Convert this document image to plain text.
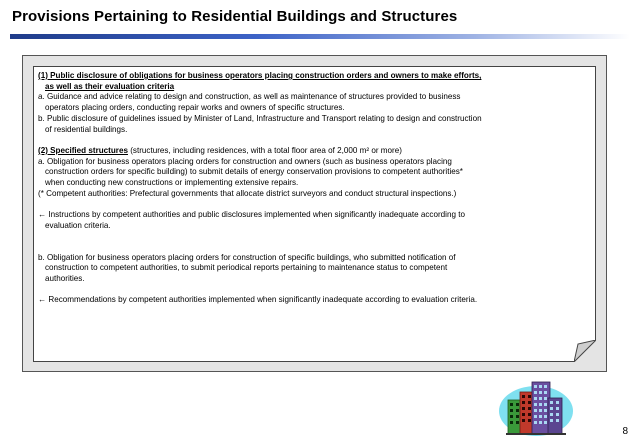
Provisions Pertaining to Residential Buildings and Structures

(1) Public disclosure of obligations for business operators placing construction orders and owners to make efforts,

as well as their evaluation criteria

a. Guidance and advice relating to design and construction, as well as maintenance of structures provided to business

operators placing orders, conducting repair works and owners of specific structures.

b. Public disclosure of guidelines issued by Minister of Land, Infrastructure and Transport relating to design and construction

of residential buildings.

(2) Specified structures (structures, including residences, with a total floor area of 2,000 m² or more)

a. Obligation for business operators placing orders for construction and owners (such as business operators placing

construction orders for specific building) to submit details of energy conservation provisions to competent authorities*

when conducting new constructions or implementing extensive repairs.

(* Competent authorities: Prefectural governments that allocate district surveyors and conduct structural inspections.)

← Instructions by competent authorities and public disclosures implemented when significantly inadequate according to

evaluation criteria.

b. Obligation for business operators placing orders for construction of specific buildings, who submitted notification of

construction to competent authorities, to submit periodical reports pertaining to maintenance status to competent

authorities.

← Recommendations by competent authorities implemented when significantly inadequate according to evaluation criteria.

8
